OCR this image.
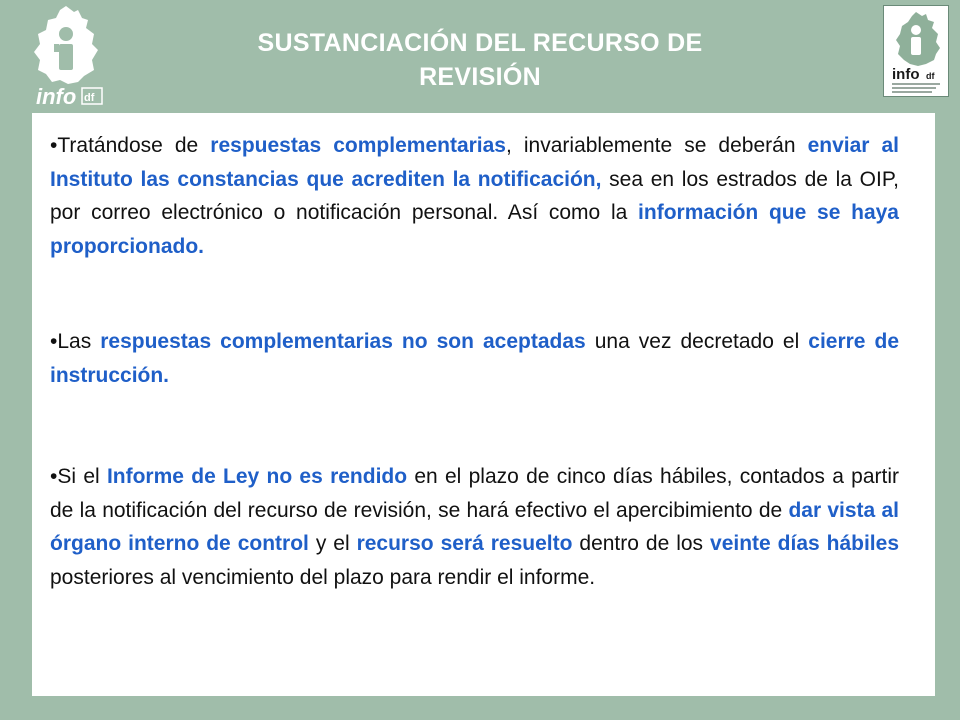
info df
info df
SUSTANCIACIÓN DEL RECURSO DE
REVISIÓN

•Tratándose de respuestas complementarias, invariablemente se deberán enviar al Instituto las constancias que acrediten la notificación, sea en los estrados de la OIP, por correo electrónico o notificación personal. Así como la información que se haya proporcionado.

•Las respuestas complementarias no son aceptadas una vez decretado el cierre de instrucción.

•Si el Informe de Ley no es rendido en el plazo de cinco días hábiles, contados a partir de la notificación del recurso de revisión, se hará efectivo el apercibimiento de dar vista al órgano interno de control y el recurso será resuelto dentro de los veinte días hábiles posteriores al vencimiento del plazo para rendir el informe.
